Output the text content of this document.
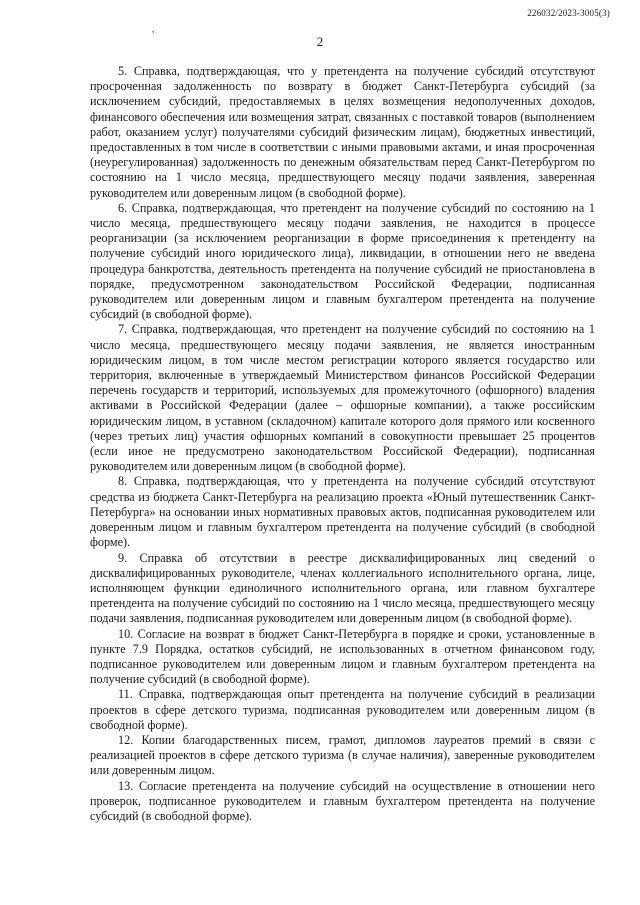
226032/2023-3005(3)
,
2

5. Справка, подтверждающая, что у претендента на получение субсидий отсутствуют просроченная задолженность по возврату в бюджет Санкт-Петербурга субсидий (за исключением субсидий, предоставляемых в целях возмещения недополученных доходов, финансового обеспечения или возмещения затрат, связанных с поставкой товаров (выполнением работ, оказанием услуг) получателями субсидий физическим лицам), бюджетных инвестиций, предоставленных в том числе в соответствии с иными правовыми актами, и иная просроченная (неурегулированная) задолженность по денежным обязательствам перед Санкт-Петербургом по состоянию на 1 число месяца, предшествующего месяцу подачи заявления, заверенная руководителем или доверенным лицом (в свободной форме).

6. Справка, подтверждающая, что претендент на получение субсидий по состоянию на 1 число месяца, предшествующего месяцу подачи заявления, не находится в процессе реорганизации (за исключением реорганизации в форме присоединения к претенденту на получение субсидий иного юридического лица), ликвидации, в отношении него не введена процедура банкротства, деятельность претендента на получение субсидий не приостановлена в порядке, предусмотренном законодательством Российской Федерации, подписанная руководителем или доверенным лицом и главным бухгалтером претендента на получение субсидий (в свободной форме).

7. Справка, подтверждающая, что претендент на получение субсидий по состоянию на 1 число месяца, предшествующего месяцу подачи заявления, не является иностранным юридическим лицом, в том числе местом регистрации которого является государство или территория, включенные в утверждаемый Министерством финансов Российской Федерации перечень государств и территорий, используемых для промежуточного (офшорного) владения активами в Российской Федерации (далее – офшорные компании), а также российским юридическим лицом, в уставном (складочном) капитале которого доля прямого или косвенного (через третьих лиц) участия офшорных компаний в совокупности превышает 25 процентов (если иное не предусмотрено законодательством Российской Федерации), подписанная руководителем или доверенным лицом (в свободной форме).

8. Справка, подтверждающая, что у претендента на получение субсидий отсутствуют средства из бюджета Санкт-Петербурга на реализацию проекта «Юный путешественник Санкт-Петербурга» на основании иных нормативных правовых актов, подписанная руководителем или доверенным лицом и главным бухгалтером претендента на получение субсидий (в свободной форме).

9. Справка об отсутствии в реестре дисквалифицированных лиц сведений о дисквалифицированных руководителе, членах коллегиального исполнительного органа, лице, исполняющем функции единоличного исполнительного органа, или главном бухгалтере претендента на получение субсидий по состоянию на 1 число месяца, предшествующего месяцу подачи заявления, подписанная руководителем или доверенным лицом (в свободной форме).

10. Согласие на возврат в бюджет Санкт-Петербурга в порядке и сроки, установленные в пункте 7.9 Порядка, остатков субсидий, не использованных в отчетном финансовом году, подписанное руководителем или доверенным лицом и главным бухгалтером претендента на получение субсидий (в свободной форме).

11. Справка, подтверждающая опыт претендента на получение субсидий в реализации проектов в сфере детского туризма, подписанная руководителем или доверенным лицом (в свободной форме).

12. Копии благодарственных писем, грамот, дипломов лауреатов премий в связи с реализацией проектов в сфере детского туризма (в случае наличия), заверенные руководителем или доверенным лицом.

13. Согласие претендента на получение субсидий на осуществление в отношении него проверок, подписанное руководителем и главным бухгалтером претендента на получение субсидий (в свободной форме).
